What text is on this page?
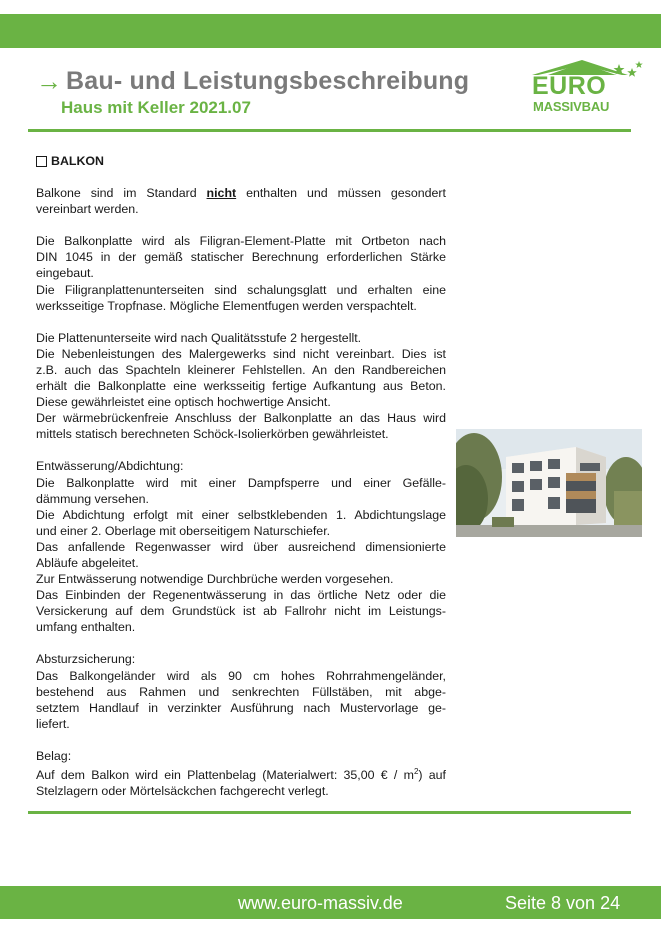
→ Bau- und Leistungsbeschreibung
Haus mit Keller 2021.07
EURO
MASSIVBAU
BALKON
Balkone sind im Standard nicht enthalten und müssen gesondert
vereinbart werden.
Die Balkonplatte wird als Filigran-Element-Platte mit Ortbeton nach
DIN 1045 in der gemäß statischer Berechnung erforderlichen Stärke
eingebaut.
Die Filigranplattenunterseiten sind schalungsglatt und erhalten eine
werksseitige Tropfnase. Mögliche Elementfugen werden verspachtelt.
Die Plattenunterseite wird nach Qualitätsstufe 2 hergestellt.
Die Nebenleistungen des Malergewerks sind nicht vereinbart. Dies ist
z.B. auch das Spachteln kleinerer Fehlstellen. An den Randbereichen
erhält die Balkonplatte eine werksseitig fertige Aufkantung aus Beton.
Diese gewährleistet eine optisch hochwertige Ansicht.
Der wärmebrückenfreie Anschluss der Balkonplatte an das Haus wird
mittels statisch berechneten Schöck-Isolierkörben gewährleistet.
Entwässerung/Abdichtung:
Die Balkonplatte wird mit einer Dampfsperre und einer Gefälle-
dämmung versehen.
Die Abdichtung erfolgt mit einer selbstklebenden 1. Abdichtungslage
und einer 2. Oberlage mit oberseitigem Naturschiefer.
Das anfallende Regenwasser wird über ausreichend dimensionierte
Abläufe abgeleitet.
Zur Entwässerung notwendige Durchbrüche werden vorgesehen.
Das Einbinden der Regenentwässerung in das örtliche Netz oder die
Versickerung auf dem Grundstück ist ab Fallrohr nicht im Leistungs-
umfang enthalten.
Absturzsicherung:
Das Balkongeländer wird als 90 cm hohes Rohrrahmengeländer,
bestehend aus Rahmen und senkrechten Füllstäben, mit abge-
setztem Handlauf in verzinkter Ausführung nach Mustervorlage ge-
liefert.
Belag:
Auf dem Balkon wird ein Plattenbelag (Materialwert: 35,00 € / $m^2$) auf
Stelzlagern oder Mörtelsäckchen fachgerecht verlegt.
www.euro-massiv.de	Seite 8 von 24
